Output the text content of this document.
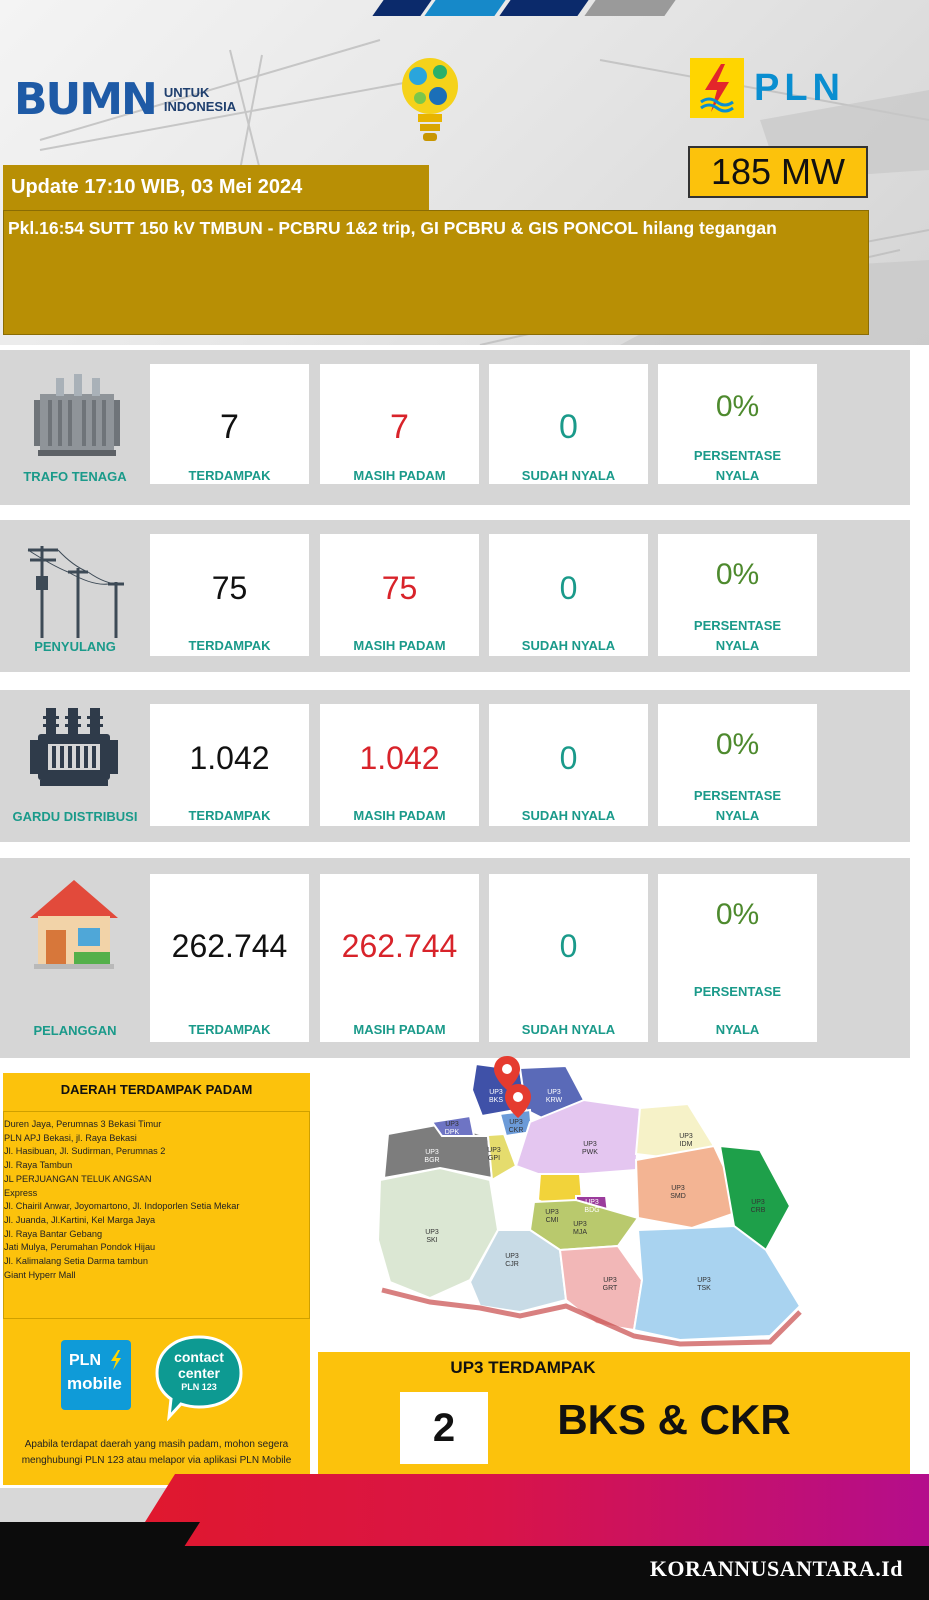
BUMN UNTUK
INDONESIA	PLN
185 MW
Update 17:10 WIB, 03 Mei 2024
Pkl.16:54 SUTT 150 kV TMBUN - PCBRU 1&2 trip, GI PCBRU & GIS PONCOL hilang tegangan
TRAFO TENAGA
7
TERDAMPAK
7
MASIH PADAM
0
SUDAH NYALA
0%
PERSENTASE
NYALA
PENYULANG
75
TERDAMPAK
75
MASIH PADAM
0
SUDAH NYALA
0%
PERSENTASE
NYALA
GARDU DISTRIBUSI
1.042
TERDAMPAK
1.042
MASIH PADAM
0
SUDAH NYALA
0%
PERSENTASE
NYALA
PELANGGAN
262.744
TERDAMPAK
262.744
MASIH PADAM
0
SUDAH NYALA
0%
PERSENTASE
NYALA
DAERAH TERDAMPAK PADAM
Duren Jaya, Perumnas 3 Bekasi Timur
PLN APJ Bekasi, jl. Raya Bekasi
Jl. Hasibuan, Jl. Sudirman, Perumnas 2
Jl. Raya Tambun
JL PERJUANGAN TELUK ANGSAN
Express
Jl. Chairil Anwar, Joyomartono, Jl. Indoporlen Setia Mekar
Jl. Juanda, Jl.Kartini, Kel Marga Jaya
Jl. Raya Bantar Gebang
Jati Mulya, Perumahan Pondok Hijau
Jl. Kalimalang Setia Darma tambun
Giant Hyperr Mall
PLN
mobile
contact
center
PLN 123
Apabila terdapat daerah yang masih padam, mohon segera
menghubungi PLN 123 atau melapor via aplikasi PLN Mobile
UP3
BKS
UP3
KRW
UP3
DPK
UP3
CKR
UP3
BGR
UP3
GPI
UP3
PWK
UP3
IDM
UP3
SMD
UP3
CRB
UP3
SKI
UP3
CMI
UP3
BDG
UP3
MJA
UP3
CJR
UP3
GRT
UP3
TSK
UP3 TERDAMPAK
2	BKS & CKR
KORANNUSANTARA.Id
